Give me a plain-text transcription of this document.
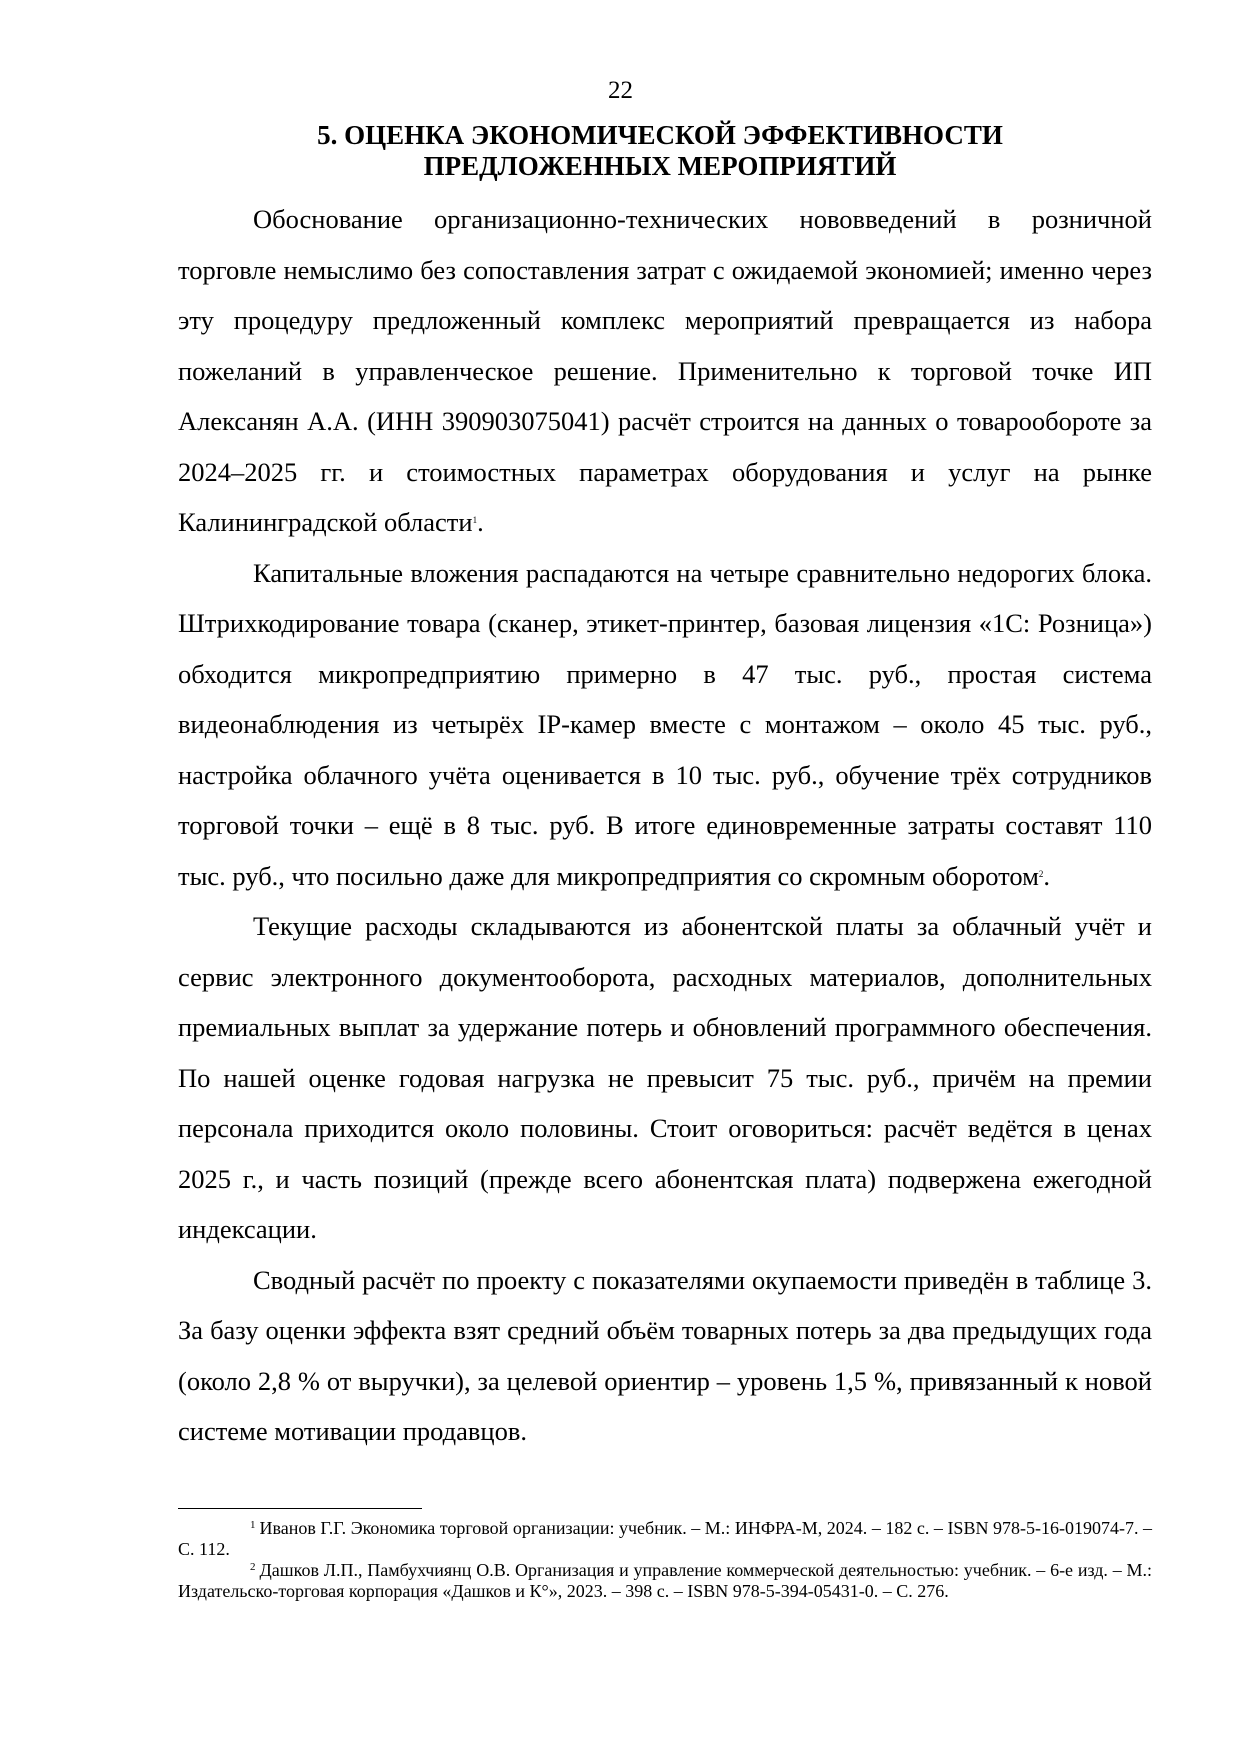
22
5. ОЦЕНКА ЭКОНОМИЧЕСКОЙ ЭФФЕКТИВНОСТИ
ПРЕДЛОЖЕННЫХ МЕРОПРИЯТИЙ

Обоснование организационно-технических нововведений в розничной торговле немыслимо без сопоставления затрат с ожидаемой экономией; именно через эту процедуру предложенный комплекс мероприятий превращается из набора пожеланий в управленческое решение. Применительно к торговой точке ИП Алексанян А.А. (ИНН 390903075041) расчёт строится на данных о товарообороте за 2024–2025 гг. и стоимостных параметрах оборудования и услуг на рынке Калининградской области$^1$.

Капитальные вложения распадаются на четыре сравнительно недорогих блока. Штрихкодирование товара (сканер, этикет-принтер, базовая лицензия «1С: Розница») обходится микропредприятию примерно в 47 тыс. руб., простая система видеонаблюдения из четырёх IP-камер вместе с монтажом – около 45 тыс. руб., настройка облачного учёта оценивается в 10 тыс. руб., обучение трёх сотрудников торговой точки – ещё в 8 тыс. руб. В итоге единовременные затраты составят 110 тыс. руб., что посильно даже для микропредприятия со скромным оборотом$^2$.

Текущие расходы складываются из абонентской платы за облачный учёт и сервис электронного документооборота, расходных материалов, дополнительных премиальных выплат за удержание потерь и обновлений программного обеспечения. По нашей оценке годовая нагрузка не превысит 75 тыс. руб., причём на премии персонала приходится около половины. Стоит оговориться: расчёт ведётся в ценах 2025 г., и часть позиций (прежде всего абонентская плата) подвержена ежегодной индексации.

Сводный расчёт по проекту с показателями окупаемости приведён в таблице 3. За базу оценки эффекта взят средний объём товарных потерь за два предыдущих года (около 2,8 % от выручки), за целевой ориентир – уровень 1,5 %, привязанный к новой системе мотивации продавцов.

$^1$ Иванов Г.Г. Экономика торговой организации: учебник. – М.: ИНФРА-М, 2024. – 182 с. – ISBN 978-5-16-019074-7. – С. 112.

$^2$ Дашков Л.П., Памбухчиянц О.В. Организация и управление коммерческой деятельностью: учебник. – 6-е изд. – М.: Издательско-торговая корпорация «Дашков и К°», 2023. – 398 с. – ISBN 978-5-394-05431-0. – С. 276.
